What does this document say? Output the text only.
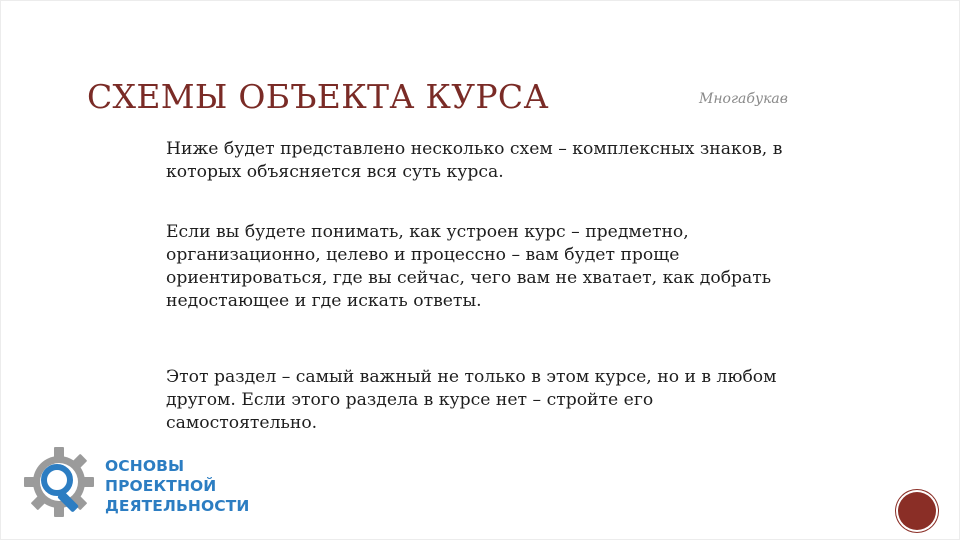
СХЕМЫ ОБЪЕКТА КУРСА	Многабукав

Ниже будет представлено несколько схем – комплексных знаков, в которых объясняется вся суть курса.

Если вы будете понимать, как устроен курс – предметно, организационно, целево и процессно – вам будет проще ориентироваться, где вы сейчас, чего вам не хватает, как добрать недостающее и где искать ответы.

Этот раздел – самый важный не только в этом курсе, но и в любом другом. Если этого раздела в курсе нет – стройте его самостоятельно.

ОСНОВЫ
ПРОЕКТНОЙ
ДЕЯТЕЛЬНОСТИ
